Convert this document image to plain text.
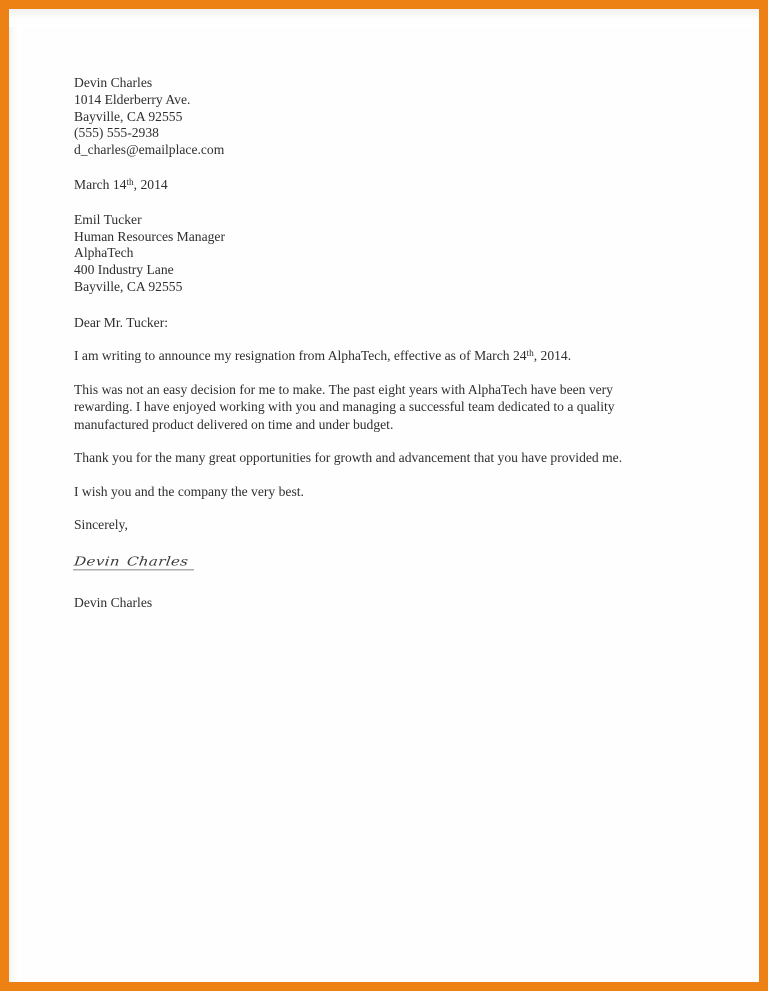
Devin Charles
1014 Elderberry Ave.
Bayville, CA 92555
(555) 555-2938
d_charles@emailplace.com
March 14th, 2014
Emil Tucker
Human Resources Manager
AlphaTech
400 Industry Lane
Bayville, CA 92555

Dear Mr. Tucker:

I am writing to announce my resignation from AlphaTech, effective as of March 24th, 2014.

This was not an easy decision for me to make. The past eight years with AlphaTech have been very rewarding. I have enjoyed working with you and managing a successful team dedicated to a quality manufactured product delivered on time and under budget.

Thank you for the many great opportunities for growth and advancement that you have provided me.

I wish you and the company the very best.

Sincerely,

Devin Charles

Devin Charles
